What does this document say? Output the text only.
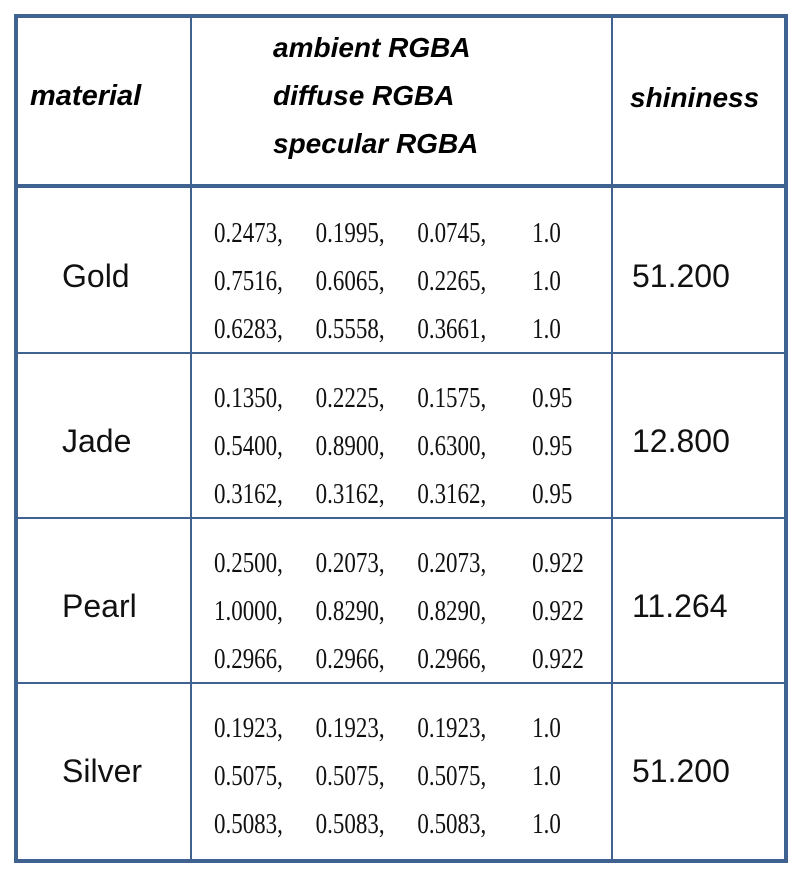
material
ambient RGBA
diffuse RGBA
specular RGBA
shininess
Gold
0.2473, 0.1995, 0.0745, 1.0
0.7516, 0.6065, 0.2265, 1.0
0.6283, 0.5558, 0.3661, 1.0
51.200
Jade
0.1350, 0.2225, 0.1575, 0.95
0.5400, 0.8900, 0.6300, 0.95
0.3162, 0.3162, 0.3162, 0.95
12.800
Pearl
0.2500, 0.2073, 0.2073, 0.922
1.0000, 0.8290, 0.8290, 0.922
0.2966, 0.2966, 0.2966, 0.922
11.264
Silver
0.1923, 0.1923, 0.1923, 1.0
0.5075, 0.5075, 0.5075, 1.0
0.5083, 0.5083, 0.5083, 1.0
51.200
